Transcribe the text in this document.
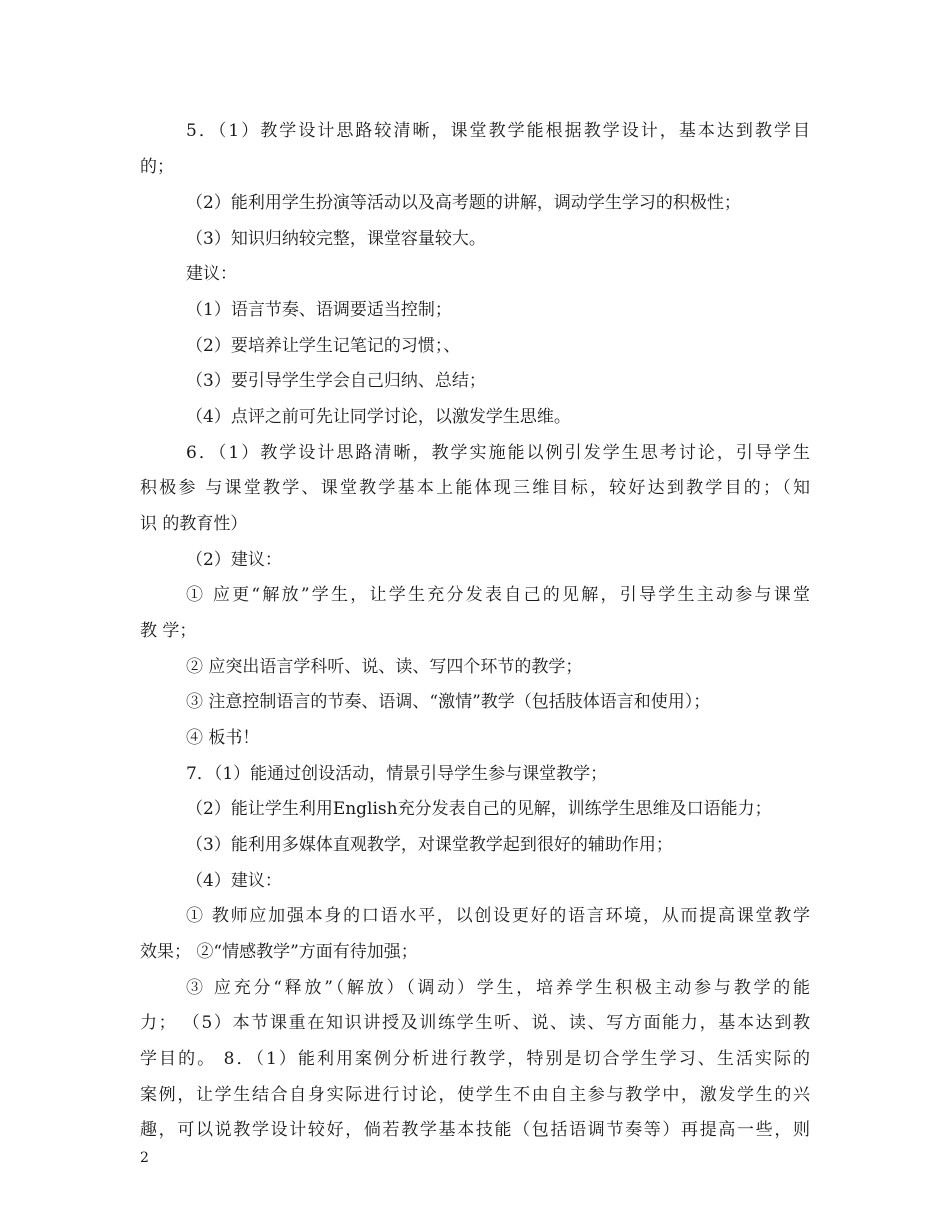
5．（1）教学设计思路较清晰，课堂教学能根据教学设计，基本达到教学目
的；
（2）能利用学生扮演等活动以及高考题的讲解，调动学生学习的积极性；
（3）知识归纳较完整，课堂容量较大。
建议：
（1）语言节奏、语调要适当控制；
（2）要培养让学生记笔记的习惯；、
（3）要引导学生学会自己归纳、总结；
（4）点评之前可先让同学讨论，以激发学生思维。
6．（1）教学设计思路清晰，教学实施能以例引发学生思考讨论，引导学生
积极参 与课堂教学、课堂教学基本上能体现三维目标，较好达到教学目的；（知
识 的教育性）
（2）建议：
① 应更“解放”学生，让学生充分发表自己的见解，引导学生主动参与课堂
教 学；
② 应突出语言学科听、说、读、写四个环节的教学；
③ 注意控制语言的节奏、语调、“激情”教学（包括肢体语言和使用）；
④ 板书！
7．（1）能通过创设活动，情景引导学生参与课堂教学；
（2）能让学生利用English充分发表自己的见解，训练学生思维及口语能力；
（3）能利用多媒体直观教学，对课堂教学起到很好的辅助作用；
（4）建议：
① 教师应加强本身的口语水平，以创设更好的语言环境，从而提高课堂教学
效果； ②“情感教学”方面有待加强；
③ 应充分“释放”（解放）（调动）学生，培养学生积极主动参与教学的能
力； （5）本节课重在知识讲授及训练学生听、说、读、写方面能力，基本达到教
学目的。 8．（1）能利用案例分析进行教学，特别是切合学生学习、生活实际的
案例，让学生结合自身实际进行讨论，使学生不由自主参与教学中，激发学生的兴
趣，可以说教学设计较好，倘若教学基本技能（包括语调节奏等）再提高一些，则
2
